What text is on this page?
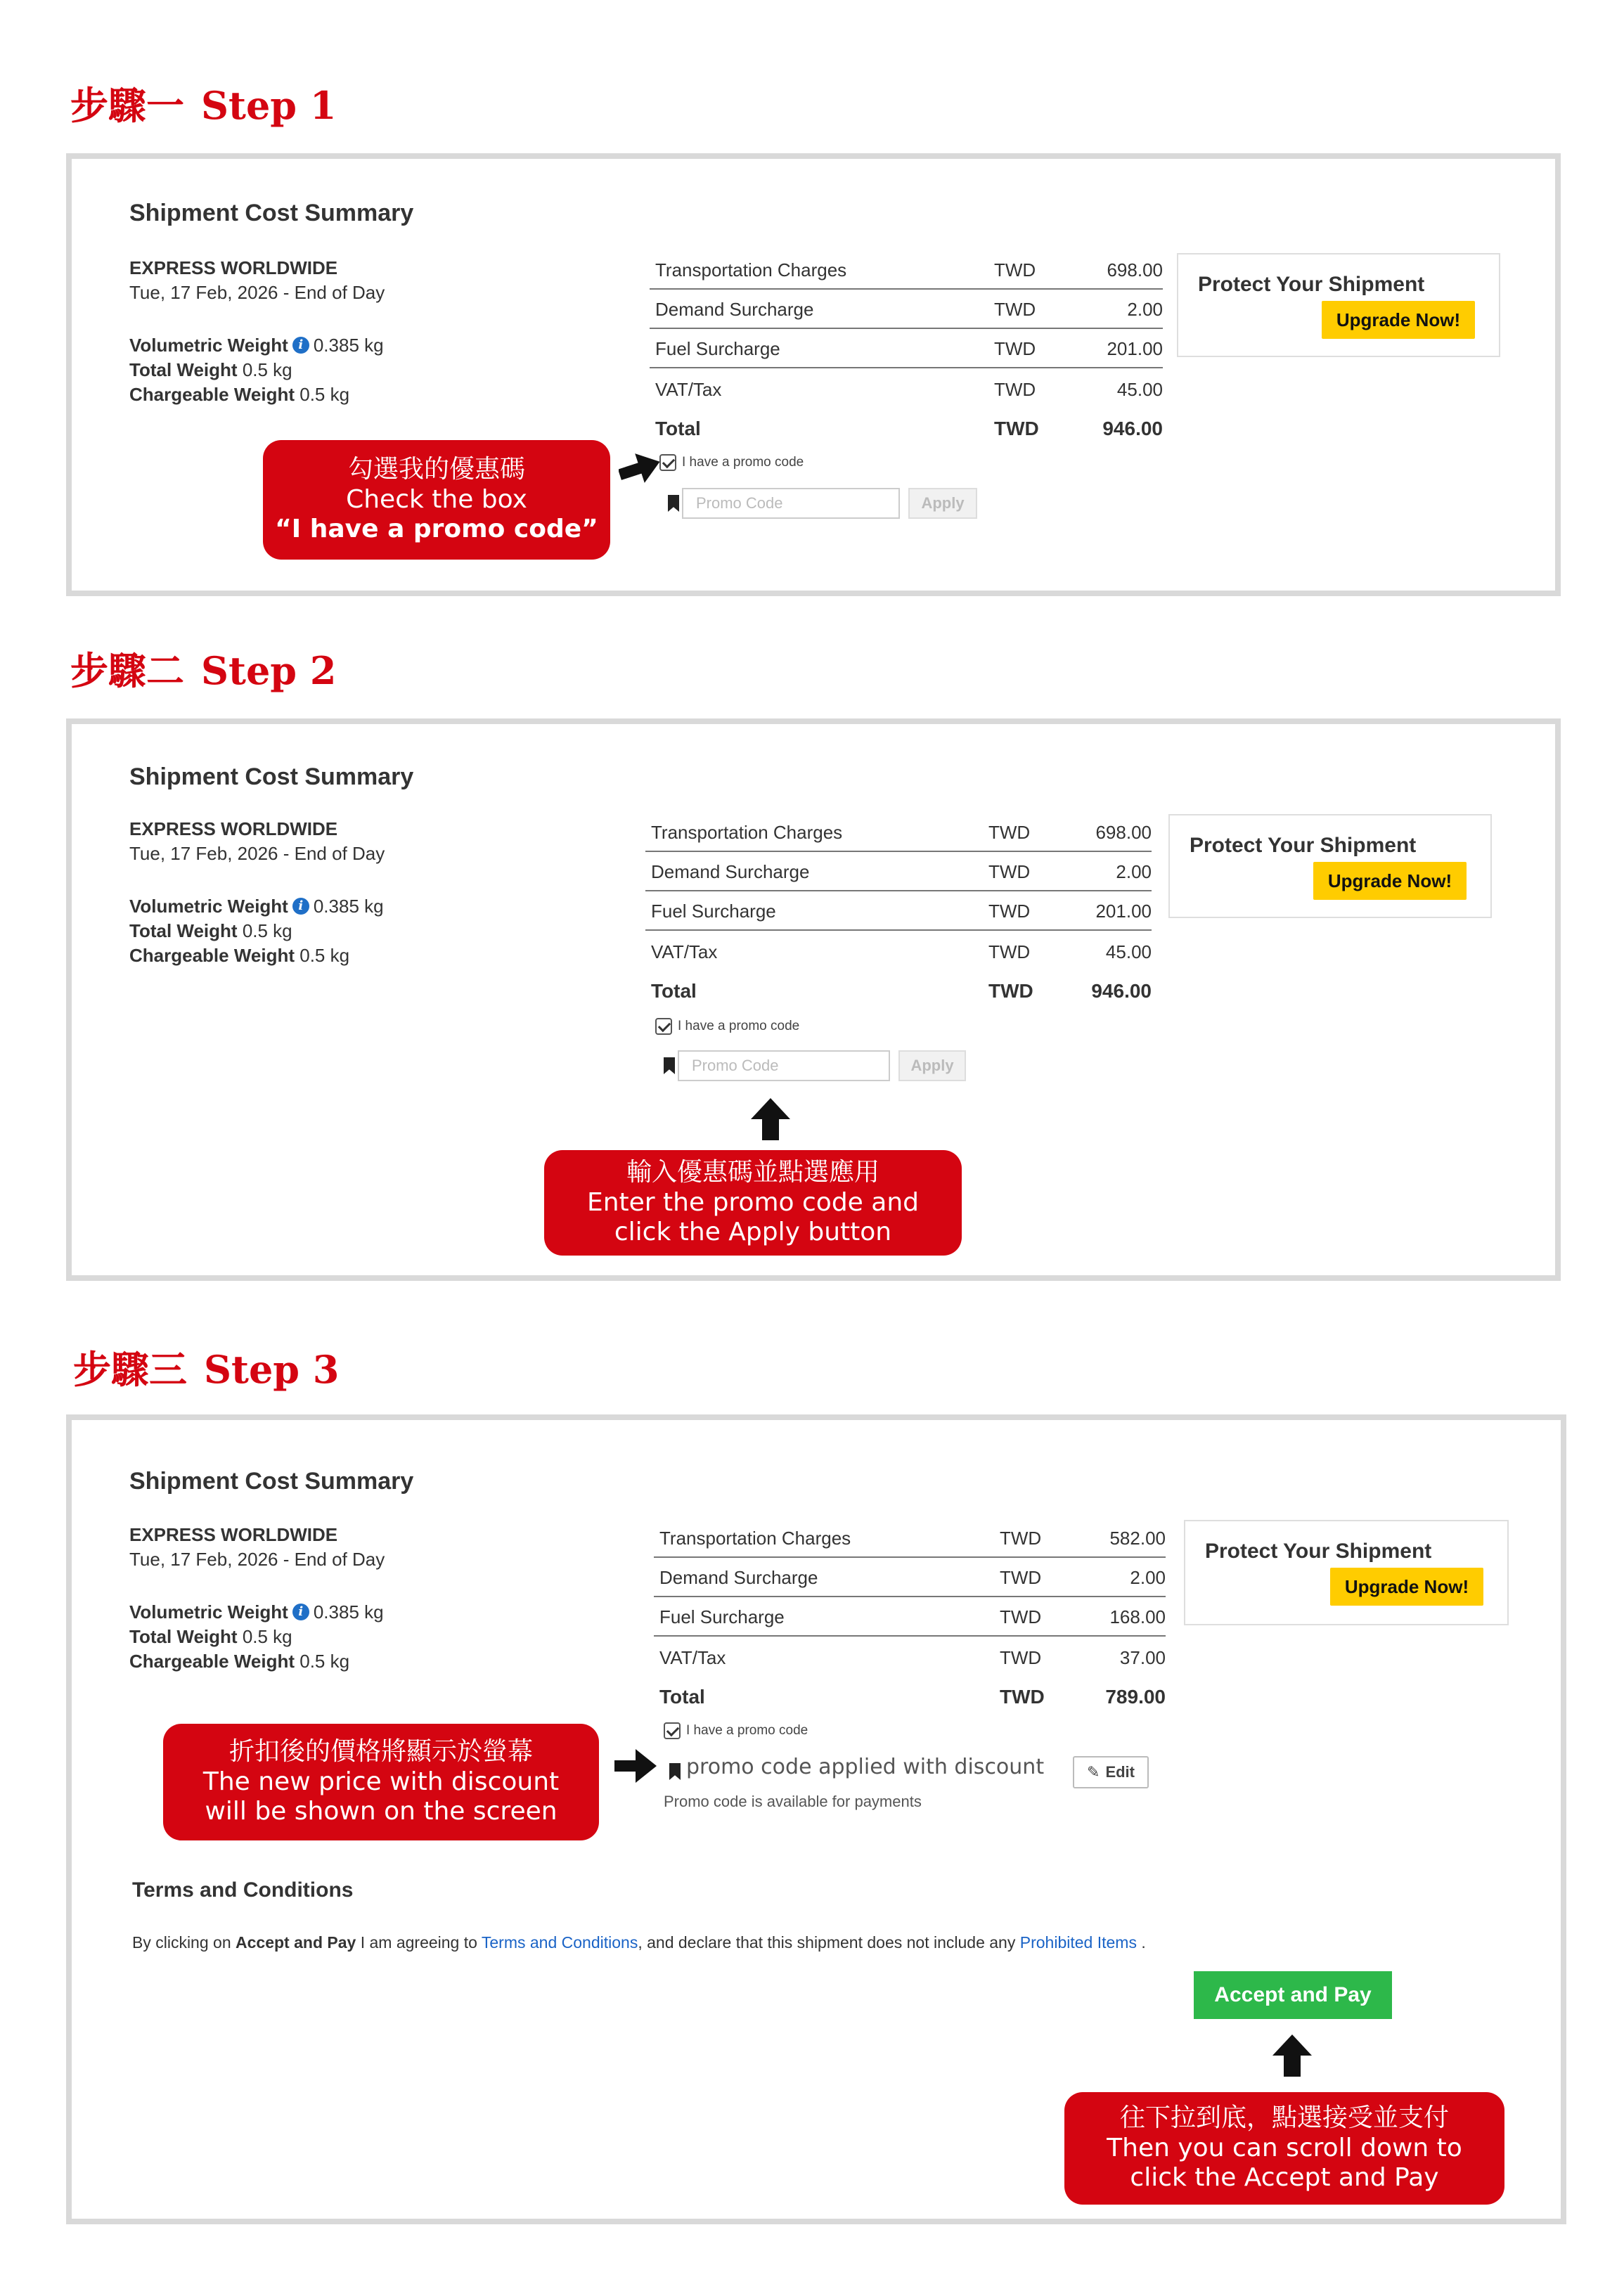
步驟一 Step 1
Shipment Cost Summary
EXPRESS WORLDWIDE
Tue, 17 Feb, 2026 - End of Day
Volumetric Weight i 0.385 kg
Total Weight 0.5 kg
Chargeable Weight 0.5 kg
Transportation Charges	TWD	698.00
Demand Surcharge	TWD	2.00
Fuel Surcharge	TWD	201.00
VAT/Tax	TWD	45.00
Total	TWD	946.00
I have a promo code
Promo Code	Apply
Protect Your Shipment
Upgrade Now!
勾選我的優惠碼
Check the box
“I have a promo code”
步驟二 Step 2
Shipment Cost Summary
EXPRESS WORLDWIDE
Tue, 17 Feb, 2026 - End of Day
Volumetric Weight i 0.385 kg
Total Weight 0.5 kg
Chargeable Weight 0.5 kg
Transportation Charges	TWD	698.00
Demand Surcharge	TWD	2.00
Fuel Surcharge	TWD	201.00
VAT/Tax	TWD	45.00
Total	TWD	946.00
I have a promo code
Promo Code	Apply
Protect Your Shipment
Upgrade Now!
輸入優惠碼並點選應用
Enter the promo code and
click the Apply button
步驟三 Step 3
Shipment Cost Summary
EXPRESS WORLDWIDE
Tue, 17 Feb, 2026 - End of Day
Volumetric Weight i 0.385 kg
Total Weight 0.5 kg
Chargeable Weight 0.5 kg
Transportation Charges	TWD	582.00
Demand Surcharge	TWD	2.00
Fuel Surcharge	TWD	168.00
VAT/Tax	TWD	37.00
Total	TWD	789.00
I have a promo code
promo code applied with discount
Promo code is available for payments
✎ Edit
Protect Your Shipment
Upgrade Now!
折扣後的價格將顯示於螢幕
The new price with discount
will be shown on the screen
Terms and Conditions
By clicking on Accept and Pay I am agreeing to Terms and Conditions, and declare that this shipment does not include any Prohibited Items .
Accept and Pay
往下拉到底，點選接受並支付
Then you can scroll down to
click the Accept and Pay
